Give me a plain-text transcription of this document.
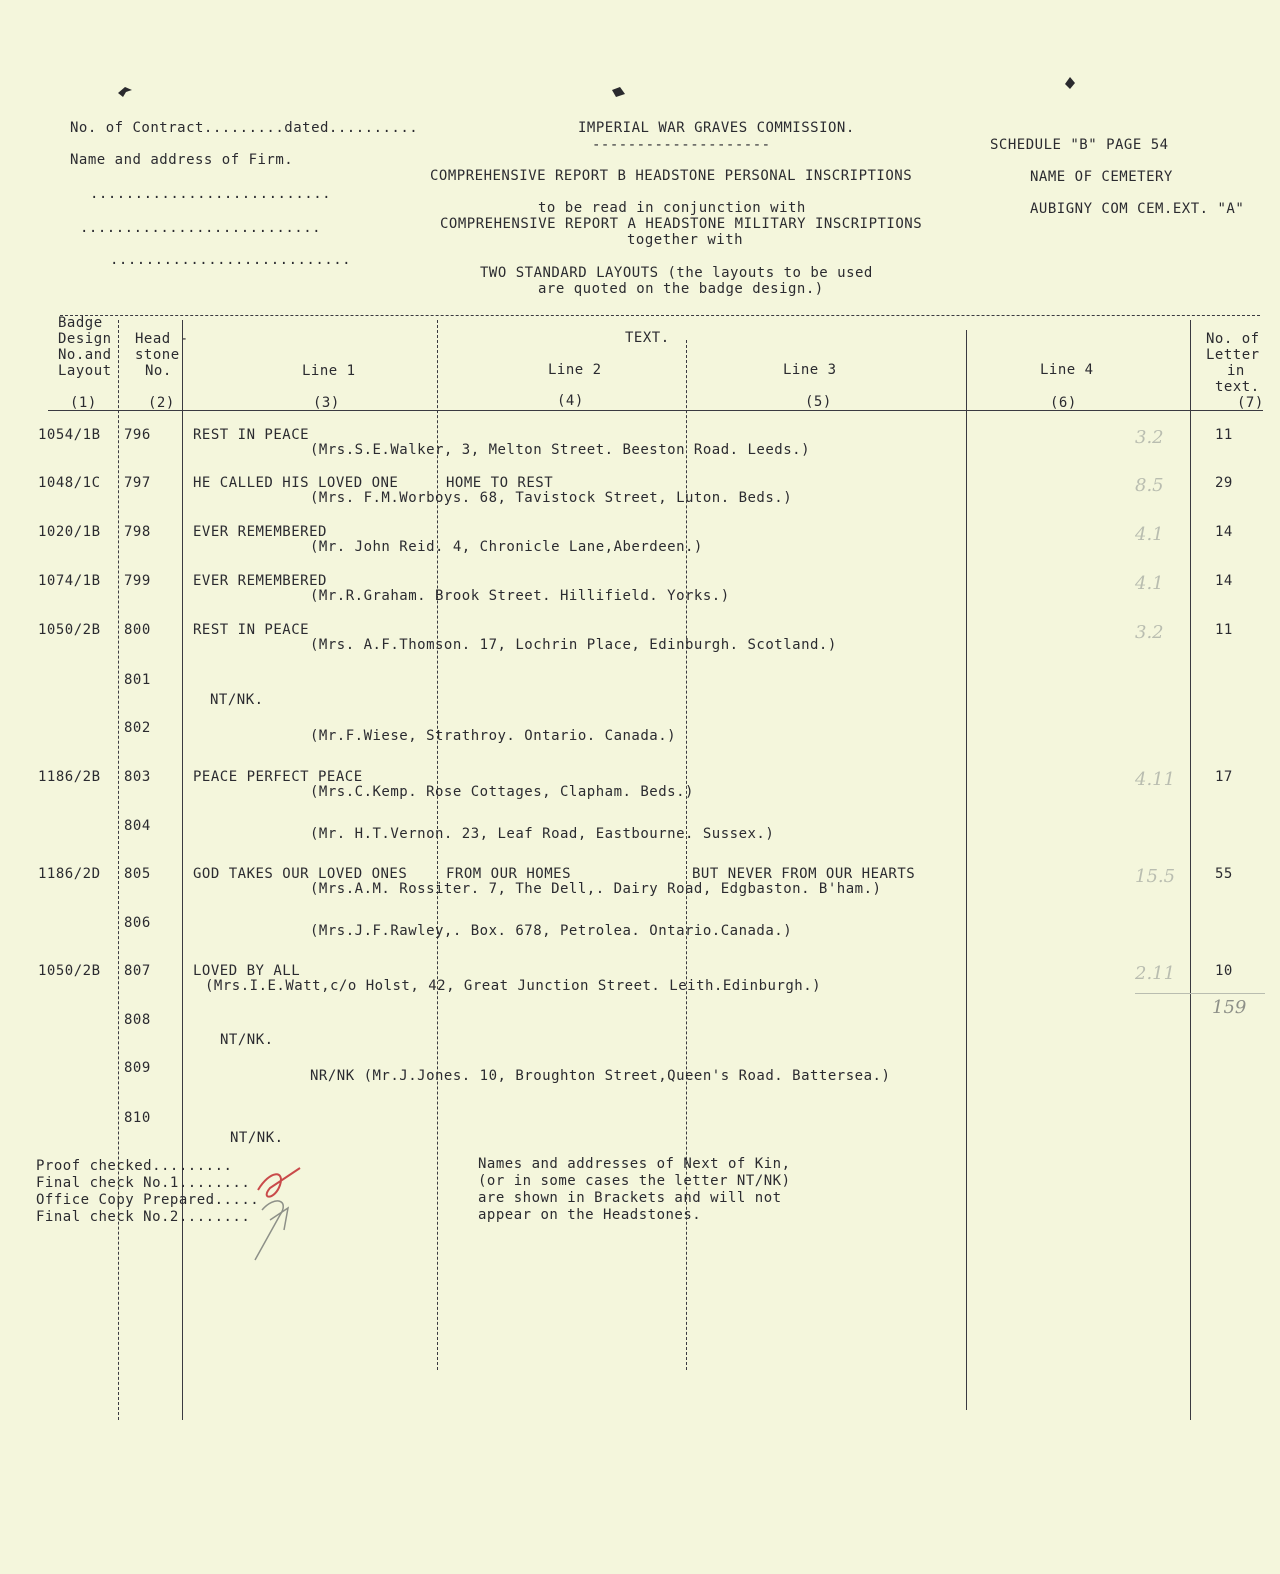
No. of Contract.........dated..........
Name and address of Firm.
...........................
...........................
...........................
IMPERIAL WAR GRAVES COMMISSION.
--------------------
COMPREHENSIVE REPORT B HEADSTONE PERSONAL INSCRIPTIONS
to be read in conjunction with
COMPREHENSIVE REPORT A HEADSTONE MILITARY INSCRIPTIONS
together with
TWO STANDARD LAYOUTS (the layouts to be used
are quoted on the badge design.)
SCHEDULE "B" PAGE 54
NAME OF CEMETERY
AUBIGNY COM CEM.EXT. "A"
Badge
Design
No.and
Layout
Head -
stone
No.
TEXT.
Line 1	Line 2	Line 3	Line 4
No. of
Letter
in
text.
(1)	(2)	(3)	(4)	(5)	(6)	(7)
1054/1B 796	REST IN PEACE
(Mrs.S.E.Walker, 3, Melton Street. Beeston Road. Leeds.)
3.2	11
1048/1C 797	HE CALLED HIS LOVED ONE	HOME TO REST
(Mrs. F.M.Worboys. 68, Tavistock Street, Luton. Beds.)
8.5	29
1020/1B 798	EVER REMEMBERED
(Mr. John Reid. 4, Chronicle Lane,Aberdeen.)
4.1	14
1074/1B 799	EVER REMEMBERED
(Mr.R.Graham. Brook Street. Hillifield. Yorks.)
4.1	14
1050/2B 800	REST IN PEACE
(Mrs. A.F.Thomson. 17, Lochrin Place, Edinburgh. Scotland.)
3.2	11
801
NT/NK.
802	(Mr.F.Wiese, Strathroy. Ontario. Canada.)
1186/2B 803	PEACE PERFECT PEACE
(Mrs.C.Kemp. Rose Cottages, Clapham. Beds.)
4.11	17
804	(Mr. H.T.Vernon. 23, Leaf Road, Eastbourne. Sussex.)
1186/2D 805	GOD TAKES OUR LOVED ONES	FROM OUR HOMES	BUT NEVER FROM OUR HEARTS
(Mrs.A.M. Rossiter. 7, The Dell,. Dairy Road, Edgbaston. B'ham.)
15.5	55
806	(Mrs.J.F.Rawley,. Box. 678, Petrolea. Ontario.Canada.)
1050/2B 807	LOVED BY ALL
(Mrs.I.E.Watt,c/o Holst, 42, Great Junction Street. Leith.Edinburgh.)
2.11	10
808
NT/NK.
809	NR/NK (Mr.J.Jones. 10, Broughton Street,Queen's Road. Battersea.)
810
NT/NK.
159
Proof checked.........
Final check No.1........
Office Copy Prepared.....
Final check No.2........
Names and addresses of Next of Kin,
(or in some cases the letter NT/NK)
are shown in Brackets and will not
appear on the Headstones.
